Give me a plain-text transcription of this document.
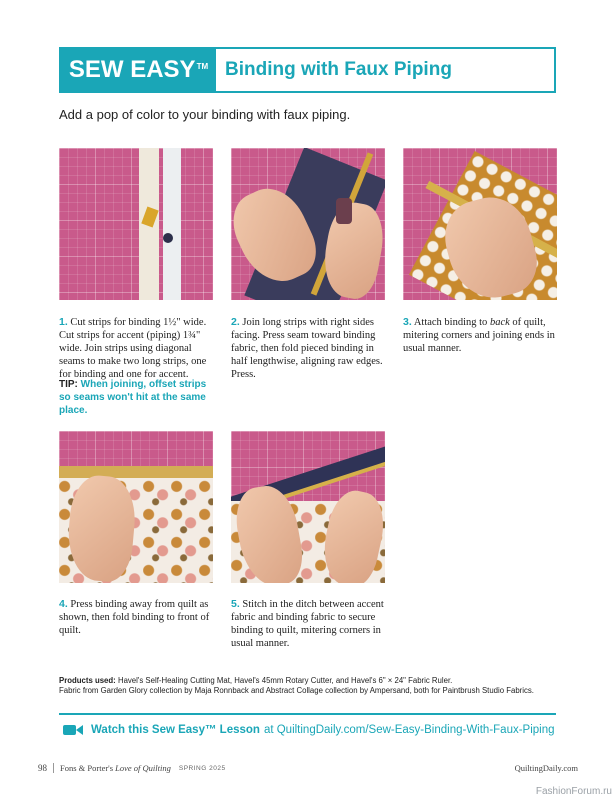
SEW EASY™ Binding with Faux Piping
Add a pop of color to your binding with faux piping.
1. Cut strips for binding 1½" wide. Cut strips for accent (piping) 1¾" wide. Join strips using diagonal seams to make two long strips, one for binding and one for accent.
TIP: When joining, offset strips so seams won't hit at the same place.
2. Join long strips with right sides facing. Press seam toward binding fabric, then fold pieced binding in half lengthwise, aligning raw edges. Press.
3. Attach binding to back of quilt, mitering corners and joining ends in usual manner.
4. Press binding away from quilt as shown, then fold binding to front of quilt.
5. Stitch in the ditch between accent fabric and binding fabric to secure binding to quilt, mitering corners in usual manner.
Products used: Havel's Self-Healing Cutting Mat, Havel's 45mm Rotary Cutter, and Havel's 6" × 24" Fabric Ruler.
Fabric from Garden Glory collection by Maja Ronnback and Abstract Collage collection by Ampersand, both for Paintbrush Studio Fabrics.
Watch this Sew Easy™ Lesson at QuiltingDaily.com/Sew-Easy-Binding-With-Faux-Piping
98 Fons & Porter's Love of Quilting SPRING 2025	QuiltingDaily.com
FashionForum.ru
